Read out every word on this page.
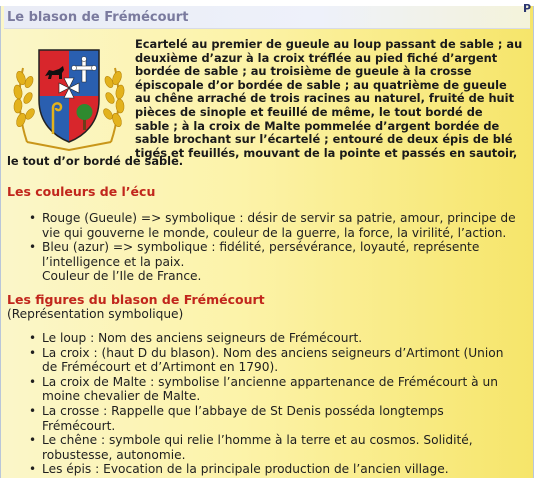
P
Le blason de Frémécourt
Ecartelé au premier de gueule au loup passant de sable ; au
deuxième d’azur à la croix tréflée au pied fiché d’argent
bordée de sable ; au troisième de gueule à la crosse
épiscopale d’or bordée de sable ; au quatrième de gueule
au chêne arraché de trois racines au naturel, fruité de huit
pièces de sinople et feuillé de même, le tout bordé de
sable ; à la croix de Malte pommelée d’argent bordée de
sable brochant sur l’écartelé ; entouré de deux épis de blé
tigés et feuillés, mouvant de la pointe et passés en sautoir,
le tout d’or bordé de sable.
Les couleurs de l’écu
• Rouge (Gueule) => symbolique : désir de servir sa patrie, amour, principe de
vie qui gouverne le monde, couleur de la guerre, la force, la virilité, l’action.
• Bleu (azur) => symbolique : fidélité, persévérance, loyauté, représente
l’intelligence et la paix.
Couleur de l’Ile de France.
Les figures du blason de Frémécourt
(Représentation symbolique)
• Le loup : Nom des anciens seigneurs de Frémécourt.
• La croix : (haut D du blason). Nom des anciens seigneurs d’Artimont (Union
de Frémécourt et d’Artimont en 1790).
• La croix de Malte : symbolise l’ancienne appartenance de Frémécourt à un
moine chevalier de Malte.
• La crosse : Rappelle que l’abbaye de St Denis posséda longtemps
Frémécourt.
• Le chêne : symbole qui relie l’homme à la terre et au cosmos. Solidité,
robustesse, autonomie.
• Les épis : Evocation de la principale production de l’ancien village.
